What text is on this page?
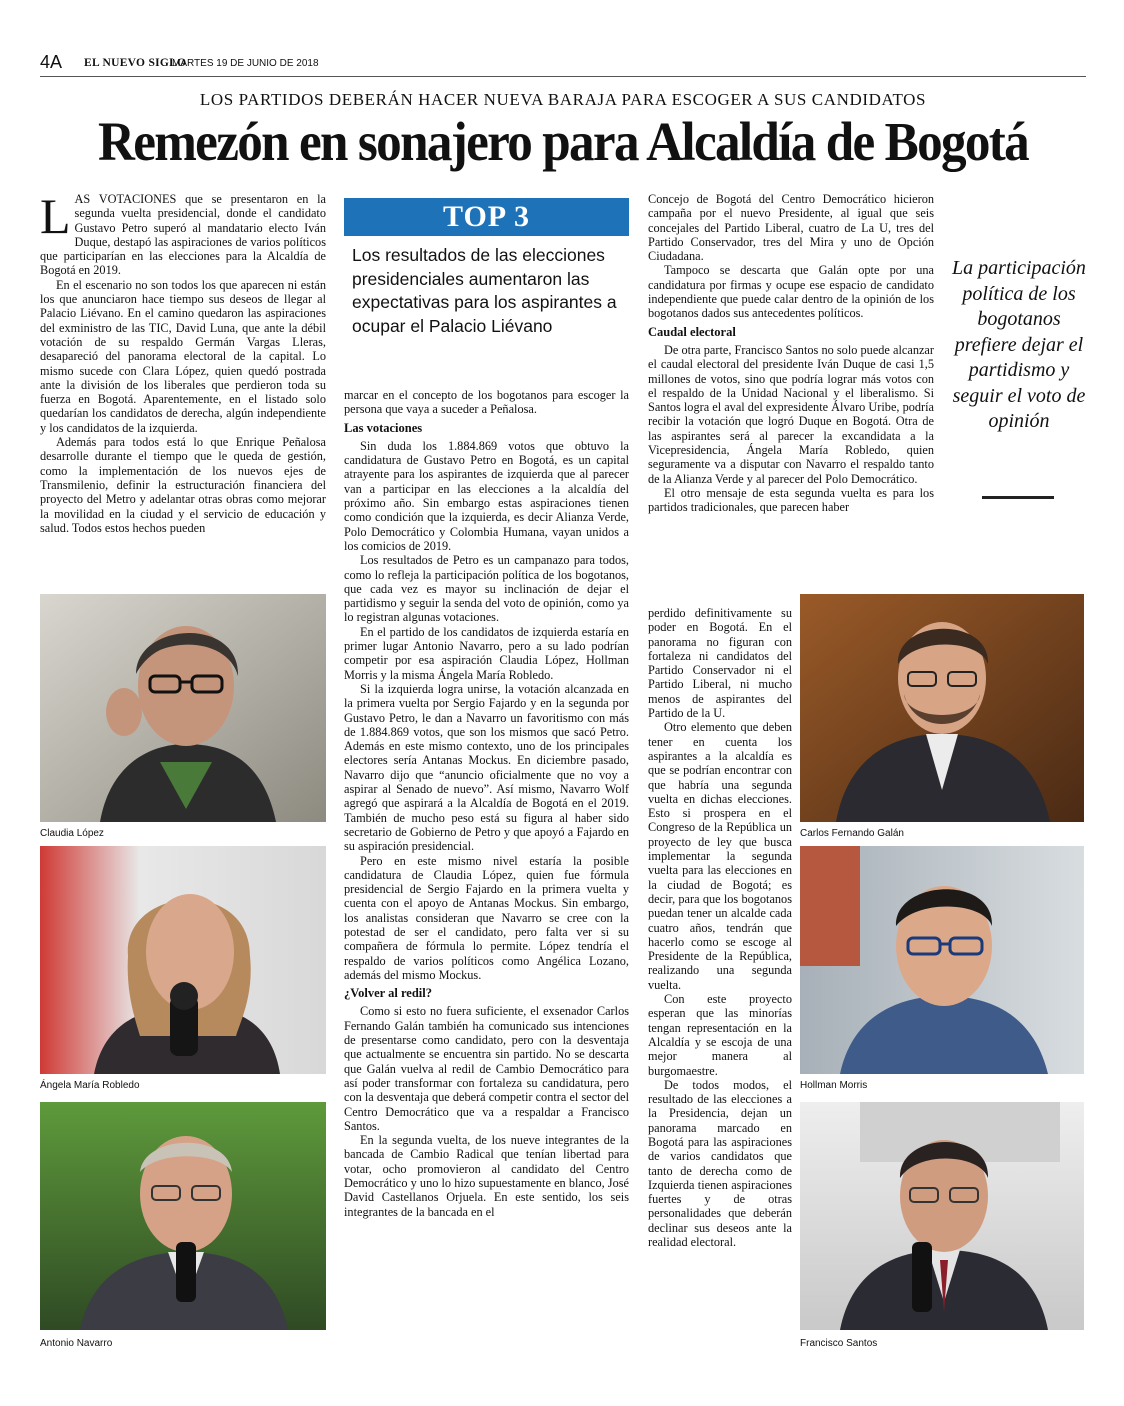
4A EL NUEVO SIGLO
MARTES 19 DE JUNIO DE 2018
LOS PARTIDOS DEBERÁN HACER NUEVA BARAJA PARA ESCOGER A SUS CANDIDATOS
Remezón en sonajero para Alcaldía de Bogotá

LAS VOTACIONES que se presentaron en la segunda vuelta presidencial, donde el candidato Gustavo Petro superó al mandatario electo Iván Duque, destapó las aspiraciones de varios políticos que participarían en las elecciones para la Alcaldía de Bogotá en 2019.

En el escenario no son todos los que aparecen ni están los que anunciaron hace tiempo sus deseos de llegar al Palacio Liévano. En el camino quedaron las aspiraciones del exministro de las TIC, David Luna, que ante la débil votación de su respaldo Germán Vargas Lleras, desapareció del panorama electoral de la capital. Lo mismo sucede con Clara López, quien quedó postrada ante la división de los liberales que perdieron toda su fuerza en Bogotá. Aparentemente, en el listado solo quedarían los candidatos de derecha, algún independiente y los candidatos de la izquierda.

Además para todos está lo que Enrique Peñalosa desarrolle durante el tiempo que le queda de gestión, como la implementación de los nuevos ejes de Transmilenio, definir la estructuración financiera del proyecto del Metro y adelantar otras obras como mejorar la movilidad en la ciudad y el servicio de educación y salud. Todos estos hechos pueden

Claudia López
Ángela María Robledo
Antonio Navarro
TOP 3
Los resultados de las elecciones presidenciales aumentaron las expectativas para los aspirantes a ocupar el Palacio Liévano

marcar en el concepto de los bogotanos para escoger la persona que vaya a suceder a Peñalosa.

Las votaciones

Sin duda los 1.884.869 votos que obtuvo la candidatura de Gustavo Petro en Bogotá, es un capital atrayente para los aspirantes de izquierda que al parecer van a participar en las elecciones a la alcaldía del próximo año. Sin embargo estas aspiraciones tienen como condición que la izquierda, es decir Alianza Verde, Polo Democrático y Colombia Humana, vayan unidos a los comicios de 2019.

Los resultados de Petro es un campanazo para todos, como lo refleja la participación política de los bogotanos, que cada vez es mayor su inclinación de dejar el partidismo y seguir la senda del voto de opinión, como ya lo registran algunas votaciones.

En el partido de los candidatos de izquierda estaría en primer lugar Antonio Navarro, pero a su lado podrían competir por esa aspiración Claudia López, Hollman Morris y la misma Ángela María Robledo.

Si la izquierda logra unirse, la votación alcanzada en la primera vuelta por Sergio Fajardo y en la segunda por Gustavo Petro, le dan a Navarro un favoritismo con más de 1.884.869 votos, que son los mismos que sacó Petro. Además en este mismo contexto, uno de los principales electores sería Antanas Mockus. En diciembre pasado, Navarro dijo que “anuncio oficialmente que no voy a aspirar al Senado de nuevo”. Así mismo, Navarro Wolf agregó que aspirará a la Alcaldía de Bogotá en el 2019. También de mucho peso está su figura al haber sido secretario de Gobierno de Petro y que apoyó a Fajardo en su aspiración presidencial.

Pero en este mismo nivel estaría la posible candidatura de Claudia López, quien fue fórmula presidencial de Sergio Fajardo en la primera vuelta y cuenta con el apoyo de Antanas Mockus. Sin embargo, los analistas consideran que Navarro se cree con la potestad de ser el candidato, pero falta ver si su compañera de fórmula lo permite. López tendría el respaldo de varios políticos como Angélica Lozano, además del mismo Mockus.

¿Volver al redil?

Como si esto no fuera suficiente, el exsenador Carlos Fernando Galán también ha comunicado sus intenciones de presentarse como candidato, pero con la desventaja que actualmente se encuentra sin partido. No se descarta que Galán vuelva al redil de Cambio Democrático para así poder transformar con fortaleza su candidatura, pero con la desventaja que deberá competir contra el sector del Centro Democrático que va a respaldar a Francisco Santos.

En la segunda vuelta, de los nueve integrantes de la bancada de Cambio Radical que tenían libertad para votar, ocho promovieron al candidato del Centro Democrático y uno lo hizo supuestamente en blanco, José David Castellanos Orjuela. En este sentido, los seis integrantes de la bancada en el

Concejo de Bogotá del Centro Democrático hicieron campaña por el nuevo Presidente, al igual que seis concejales del Partido Liberal, cuatro de La U, tres del Partido Conservador, tres del Mira y uno de Opción Ciudadana.

Tampoco se descarta que Galán opte por una candidatura por firmas y ocupe ese espacio de candidato independiente que puede calar dentro de la opinión de los bogotanos dados sus antecedentes políticos.

Caudal electoral

De otra parte, Francisco Santos no solo puede alcanzar el caudal electoral del presidente Iván Duque de casi 1,5 millones de votos, sino que podría lograr más votos con el respaldo de la Unidad Nacional y el liberalismo. Si Santos logra el aval del expresidente Álvaro Uribe, podría recibir la votación que logró Duque en Bogotá. Otra de las aspirantes será al parecer la excandidata a la Vicepresidencia, Ángela María Robledo, quien seguramente va a disputar con Navarro el respaldo tanto de la Alianza Verde y al parecer del Polo Democrático.

El otro mensaje de esta segunda vuelta es para los partidos tradicionales, que parecen haber

perdido definitivamente su poder en Bogotá. En el panorama no figuran con fortaleza ni candidatos del Partido Conservador ni el Partido Liberal, ni mucho menos de aspirantes del Partido de la U.

Otro elemento que deben tener en cuenta los aspirantes a la alcaldía es que se podrían encontrar con que habría una segunda vuelta en dichas elecciones. Esto si prospera en el Congreso de la República un proyecto de ley que busca implementar la segunda vuelta para las elecciones en la ciudad de Bogotá; es decir, para que los bogotanos puedan tener un alcalde cada cuatro años, tendrán que hacerlo como se escoge al Presidente de la República, realizando una segunda vuelta.

Con este proyecto esperan que las minorías tengan representación en la Alcaldía y se escoja de una mejor manera al burgomaestre.

De todos modos, el resultado de las elecciones a la Presidencia, dejan un panorama marcado en Bogotá para las aspiraciones de varios candidatos que tanto de derecha como de Izquierda tienen aspiraciones fuertes y de otras personalidades que deberán declinar sus deseos ante la realidad electoral.

La participación política de los bogotanos prefiere dejar el partidismo y seguir el voto de opinión
Carlos Fernando Galán
Hollman Morris
Francisco Santos
